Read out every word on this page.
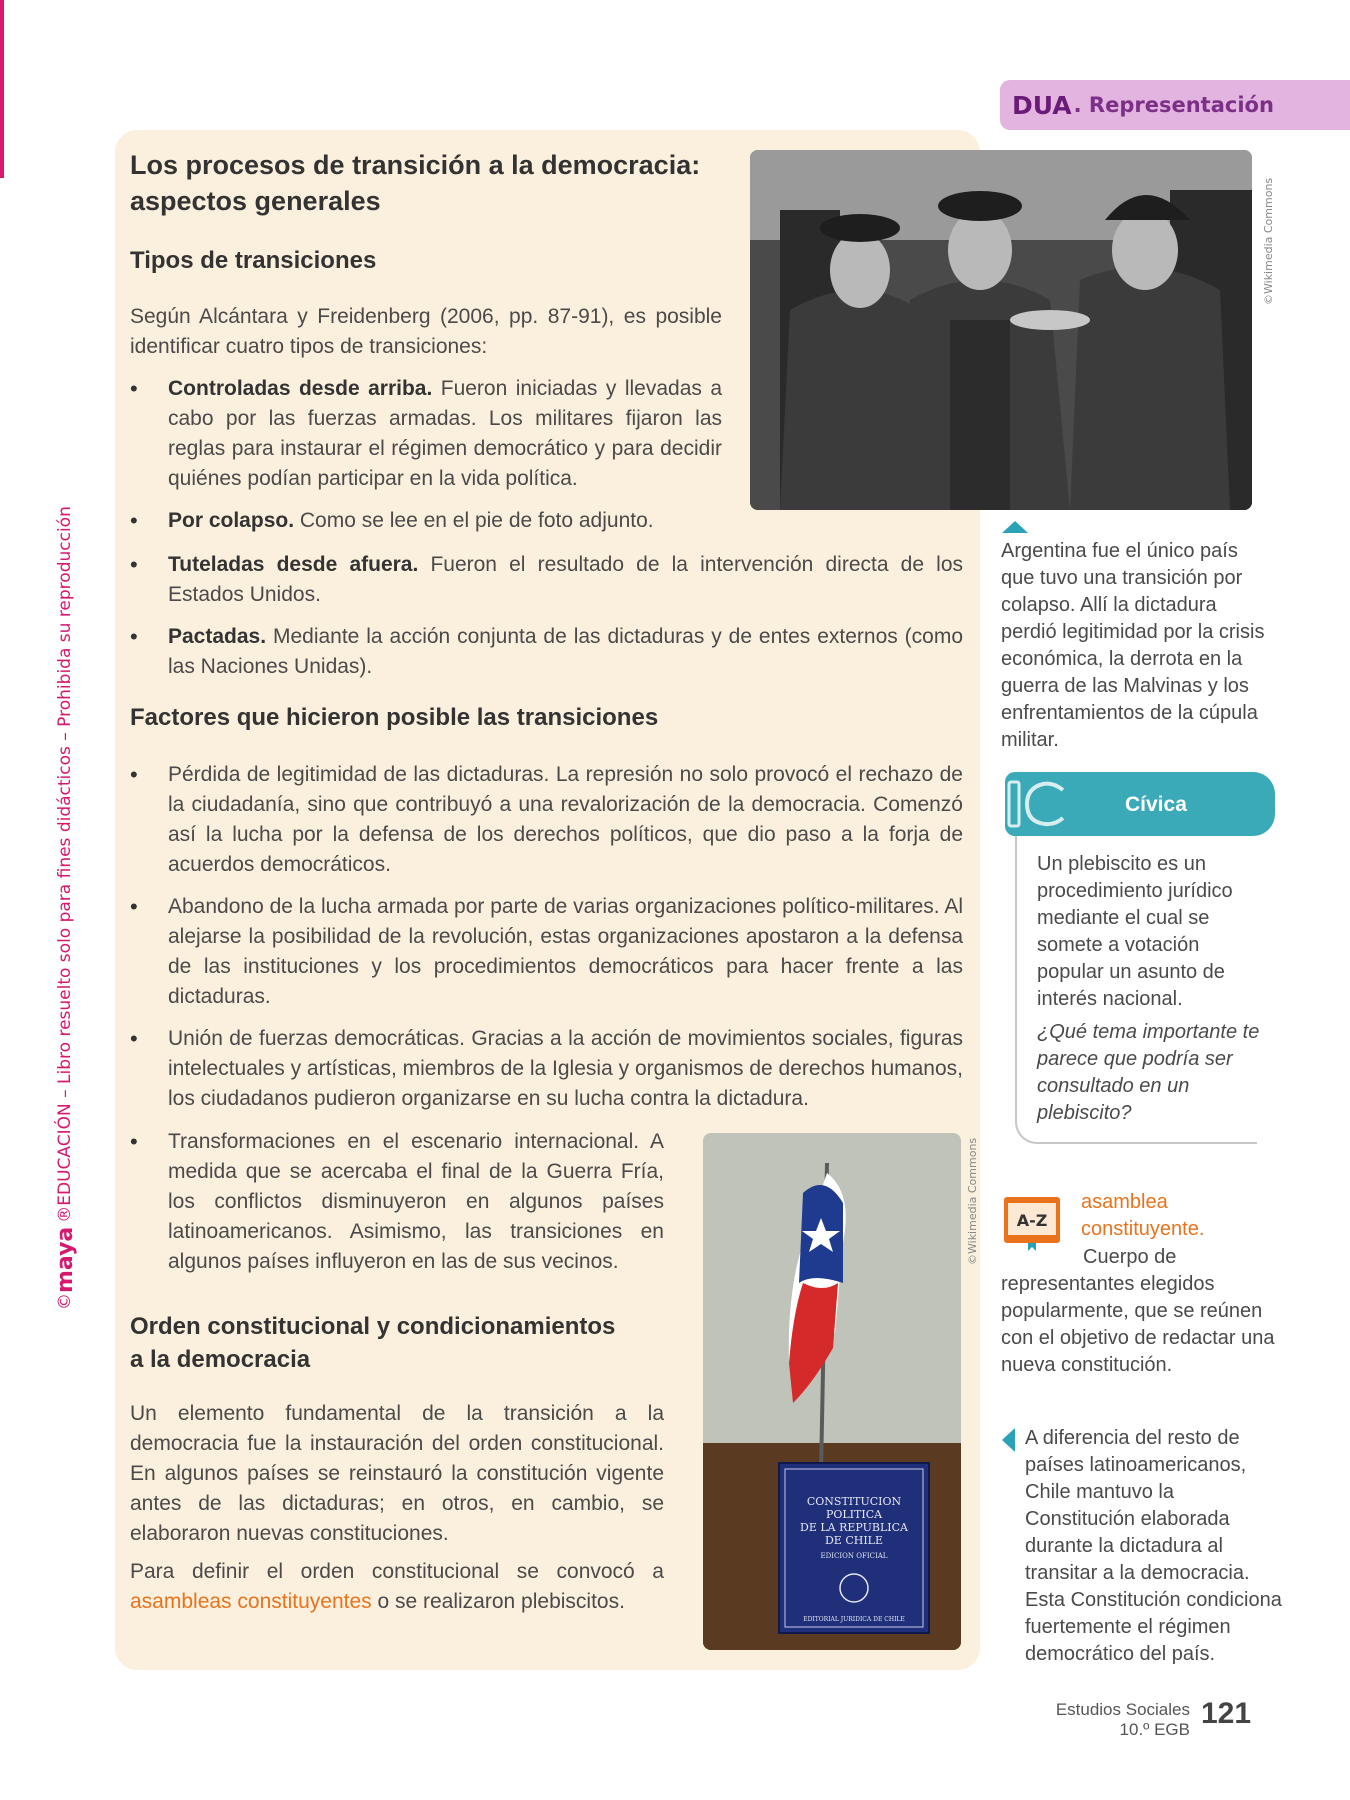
©
maya
®EDUCACIÓN – Libro resuelto solo para fines didácticos – Prohibida su reproducción
DUA . Representación
Los procesos de transición a la democracia:
aspectos generales
Tipos de transiciones
Según Alcántara y Freidenberg (2006, pp. 87-91), es posible identificar cuatro tipos de transiciones:
• Controladas desde arriba. Fueron iniciadas y llevadas a cabo por las fuerzas armadas. Los militares fijaron las reglas para instaurar el régimen democrático y para decidir quiénes podían participar en la vida política.
• Por colapso. Como se lee en el pie de foto adjunto.
• Tuteladas desde afuera. Fueron el resultado de la intervención directa de los Estados Unidos.
• Pactadas. Mediante la acción conjunta de las dictaduras y de entes externos (como las Naciones Unidas).
Factores que hicieron posible las transiciones
• Pérdida de legitimidad de las dictaduras. La represión no solo provocó el rechazo de la ciudadanía, sino que contribuyó a una revalorización de la democracia. Comenzó así la lucha por la defensa de los derechos políticos, que dio paso a la forja de acuerdos democráticos.
• Abandono de la lucha armada por parte de varias organizaciones político-militares. Al alejarse la posibilidad de la revolución, estas organizaciones apostaron a la defensa de las instituciones y los procedimientos democráticos para hacer frente a las dictaduras.
• Unión de fuerzas democráticas. Gracias a la acción de movimientos sociales, figuras intelectuales y artísticas, miembros de la Iglesia y organismos de derechos humanos, los ciudadanos pudieron organizarse en su lucha contra la dictadura.
• Transformaciones en el escenario internacional. A medida que se acercaba el final de la Guerra Fría, los conflictos disminuyeron en algunos países latinoamericanos. Asimismo, las transiciones en algunos países influyeron en las de sus vecinos.
Orden constitucional y condicionamientos
a la democracia
Un elemento fundamental de la transición a la democracia fue la instauración del orden constitucional. En algunos países se reinstauró la constitución vigente antes de las dictaduras; en otros, en cambio, se elaboraron nuevas constituciones.
Para definir el orden constitucional se convocó a asambleas constituyentes o se realizaron plebiscitos.
©Wikimedia Commons
CONSTITUCION
POLITICA
DE LA REPUBLICA
DE CHILE
EDICION OFICIAL
EDITORIAL JURIDICA DE CHILE
©Wikimedia Commons
Argentina fue el único país que tuvo una transición por colapso. Allí la dictadura perdió legitimidad por la crisis económica, la derrota en la guerra de las Malvinas y los enfrentamientos de la cúpula militar.
Cívica
Un plebiscito es un procedimiento jurídico mediante el cual se somete a votación popular un asunto de interés nacional.
¿Qué tema importante te parece que podría ser consultado en un plebiscito?
A-Z
asamblea constituyente.
Cuerpo de representantes elegidos popularmente, que se reúnen con el objetivo de redactar una nueva constitución.
A diferencia del resto de países latinoamericanos, Chile mantuvo la Constitución elaborada durante la dictadura al transitar a la democracia. Esta Constitución condiciona fuertemente el régimen democrático del país.
Estudios Sociales
10.º EGB 121
